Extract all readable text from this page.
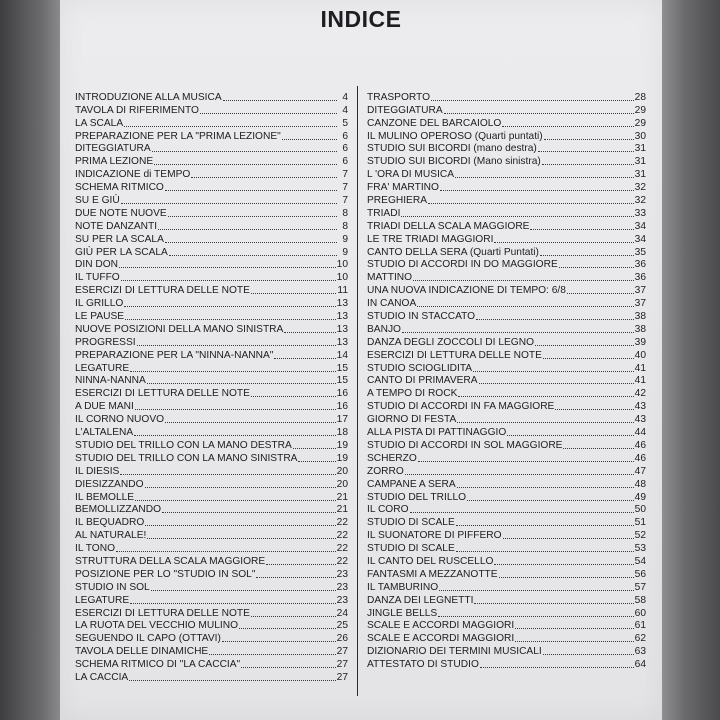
INDICE
INTRODUZIONE ALLA MUSICA	4
TAVOLA DI RIFERIMENTO	4
LA SCALA	5
PREPARAZIONE PER LA "PRIMA LEZIONE"	6
DITEGGIATURA	6
PRIMA LEZIONE	6
INDICAZIONE di TEMPO	7
SCHEMA RITMICO	7
SU E GIÙ	7
DUE NOTE NUOVE	8
NOTE DANZANTI	8
SU PER LA SCALA	9
GIÙ PER LA SCALA	9
DIN DON	10
IL TUFFO	10
ESERCIZI DI LETTURA DELLE NOTE	11
IL GRILLO	13
LE PAUSE	13
NUOVE POSIZIONI DELLA MANO SINISTRA	13
PROGRESSI	13
PREPARAZIONE PER LA "NINNA-NANNA"	14
LEGATURE	15
NINNA-NANNA	15
ESERCIZI DI LETTURA DELLE NOTE	16
A DUE MANI	16
IL CORNO NUOVO	17
L'ALTALENA	18
STUDIO DEL TRILLO CON LA MANO DESTRA	19
STUDIO DEL TRILLO CON LA MANO SINISTRA	19
IL DIESIS	20
DIESIZZANDO	20
IL BEMOLLE	21
BEMOLLIZZANDO	21
IL BEQUADRO	22
AL NATURALE!	22
IL TONO	22
STRUTTURA DELLA SCALA MAGGIORE	22
POSIZIONE PER LO "STUDIO IN SOL"	23
STUDIO IN SOL	23
LEGATURE	23
ESERCIZI DI LETTURA DELLE NOTE	24
LA RUOTA DEL VECCHIO MULINO	25
SEGUENDO IL CAPO (OTTAVI)	26
TAVOLA DELLE DINAMICHE	27
SCHEMA RITMICO DI "LA CACCIA"	27
LA CACCIA	27
TRASPORTO	28
DITEGGIATURA	29
CANZONE DEL BARCAIOLO	29
IL MULINO OPEROSO (Quarti puntati)	30
STUDIO SUI BICORDI (mano destra)	31
STUDIO SUI BICORDI (Mano sinistra)	31
L 'ORA DI MUSICA	31
FRA' MARTINO	32
PREGHIERA	32
TRIADI	33
TRIADI DELLA SCALA MAGGIORE	34
LE TRE TRIADI MAGGIORI	34
CANTO DELLA SERA (Quarti Puntati)	35
STUDIO DI ACCORDI IN DO MAGGIORE	36
MATTINO	36
UNA NUOVA INDICAZIONE DI TEMPO: 6/8	37
IN CANOA	37
STUDIO IN STACCATO	38
BANJO	38
DANZA DEGLI ZOCCOLI DI LEGNO	39
ESERCIZI DI LETTURA DELLE NOTE	40
STUDIO SCIOGLIDITA	41
CANTO DI PRIMAVERA	41
A TEMPO DI ROCK	42
STUDIO DI ACCORDI IN FA MAGGIORE	43
GIORNO DI FESTA	43
ALLA PISTA DI PATTINAGGIO	44
STUDIO DI ACCORDI IN SOL MAGGIORE	46
SCHERZO	46
ZORRO	47
CAMPANE A SERA	48
STUDIO DEL TRILLO	49
IL CORO	50
STUDIO DI SCALE	51
IL SUONATORE DI PIFFERO	52
STUDIO DI SCALE	53
IL CANTO DEL RUSCELLO	54
FANTASMI A MEZZANOTTE	56
IL TAMBURINO	57
DANZA DEI LEGNETTI	58
JINGLE BELLS	60
SCALE E ACCORDI MAGGIORI	61
SCALE E ACCORDI MAGGIORI	62
DIZIONARIO DEI TERMINI MUSICALI	63
ATTESTATO DI STUDIO	64
